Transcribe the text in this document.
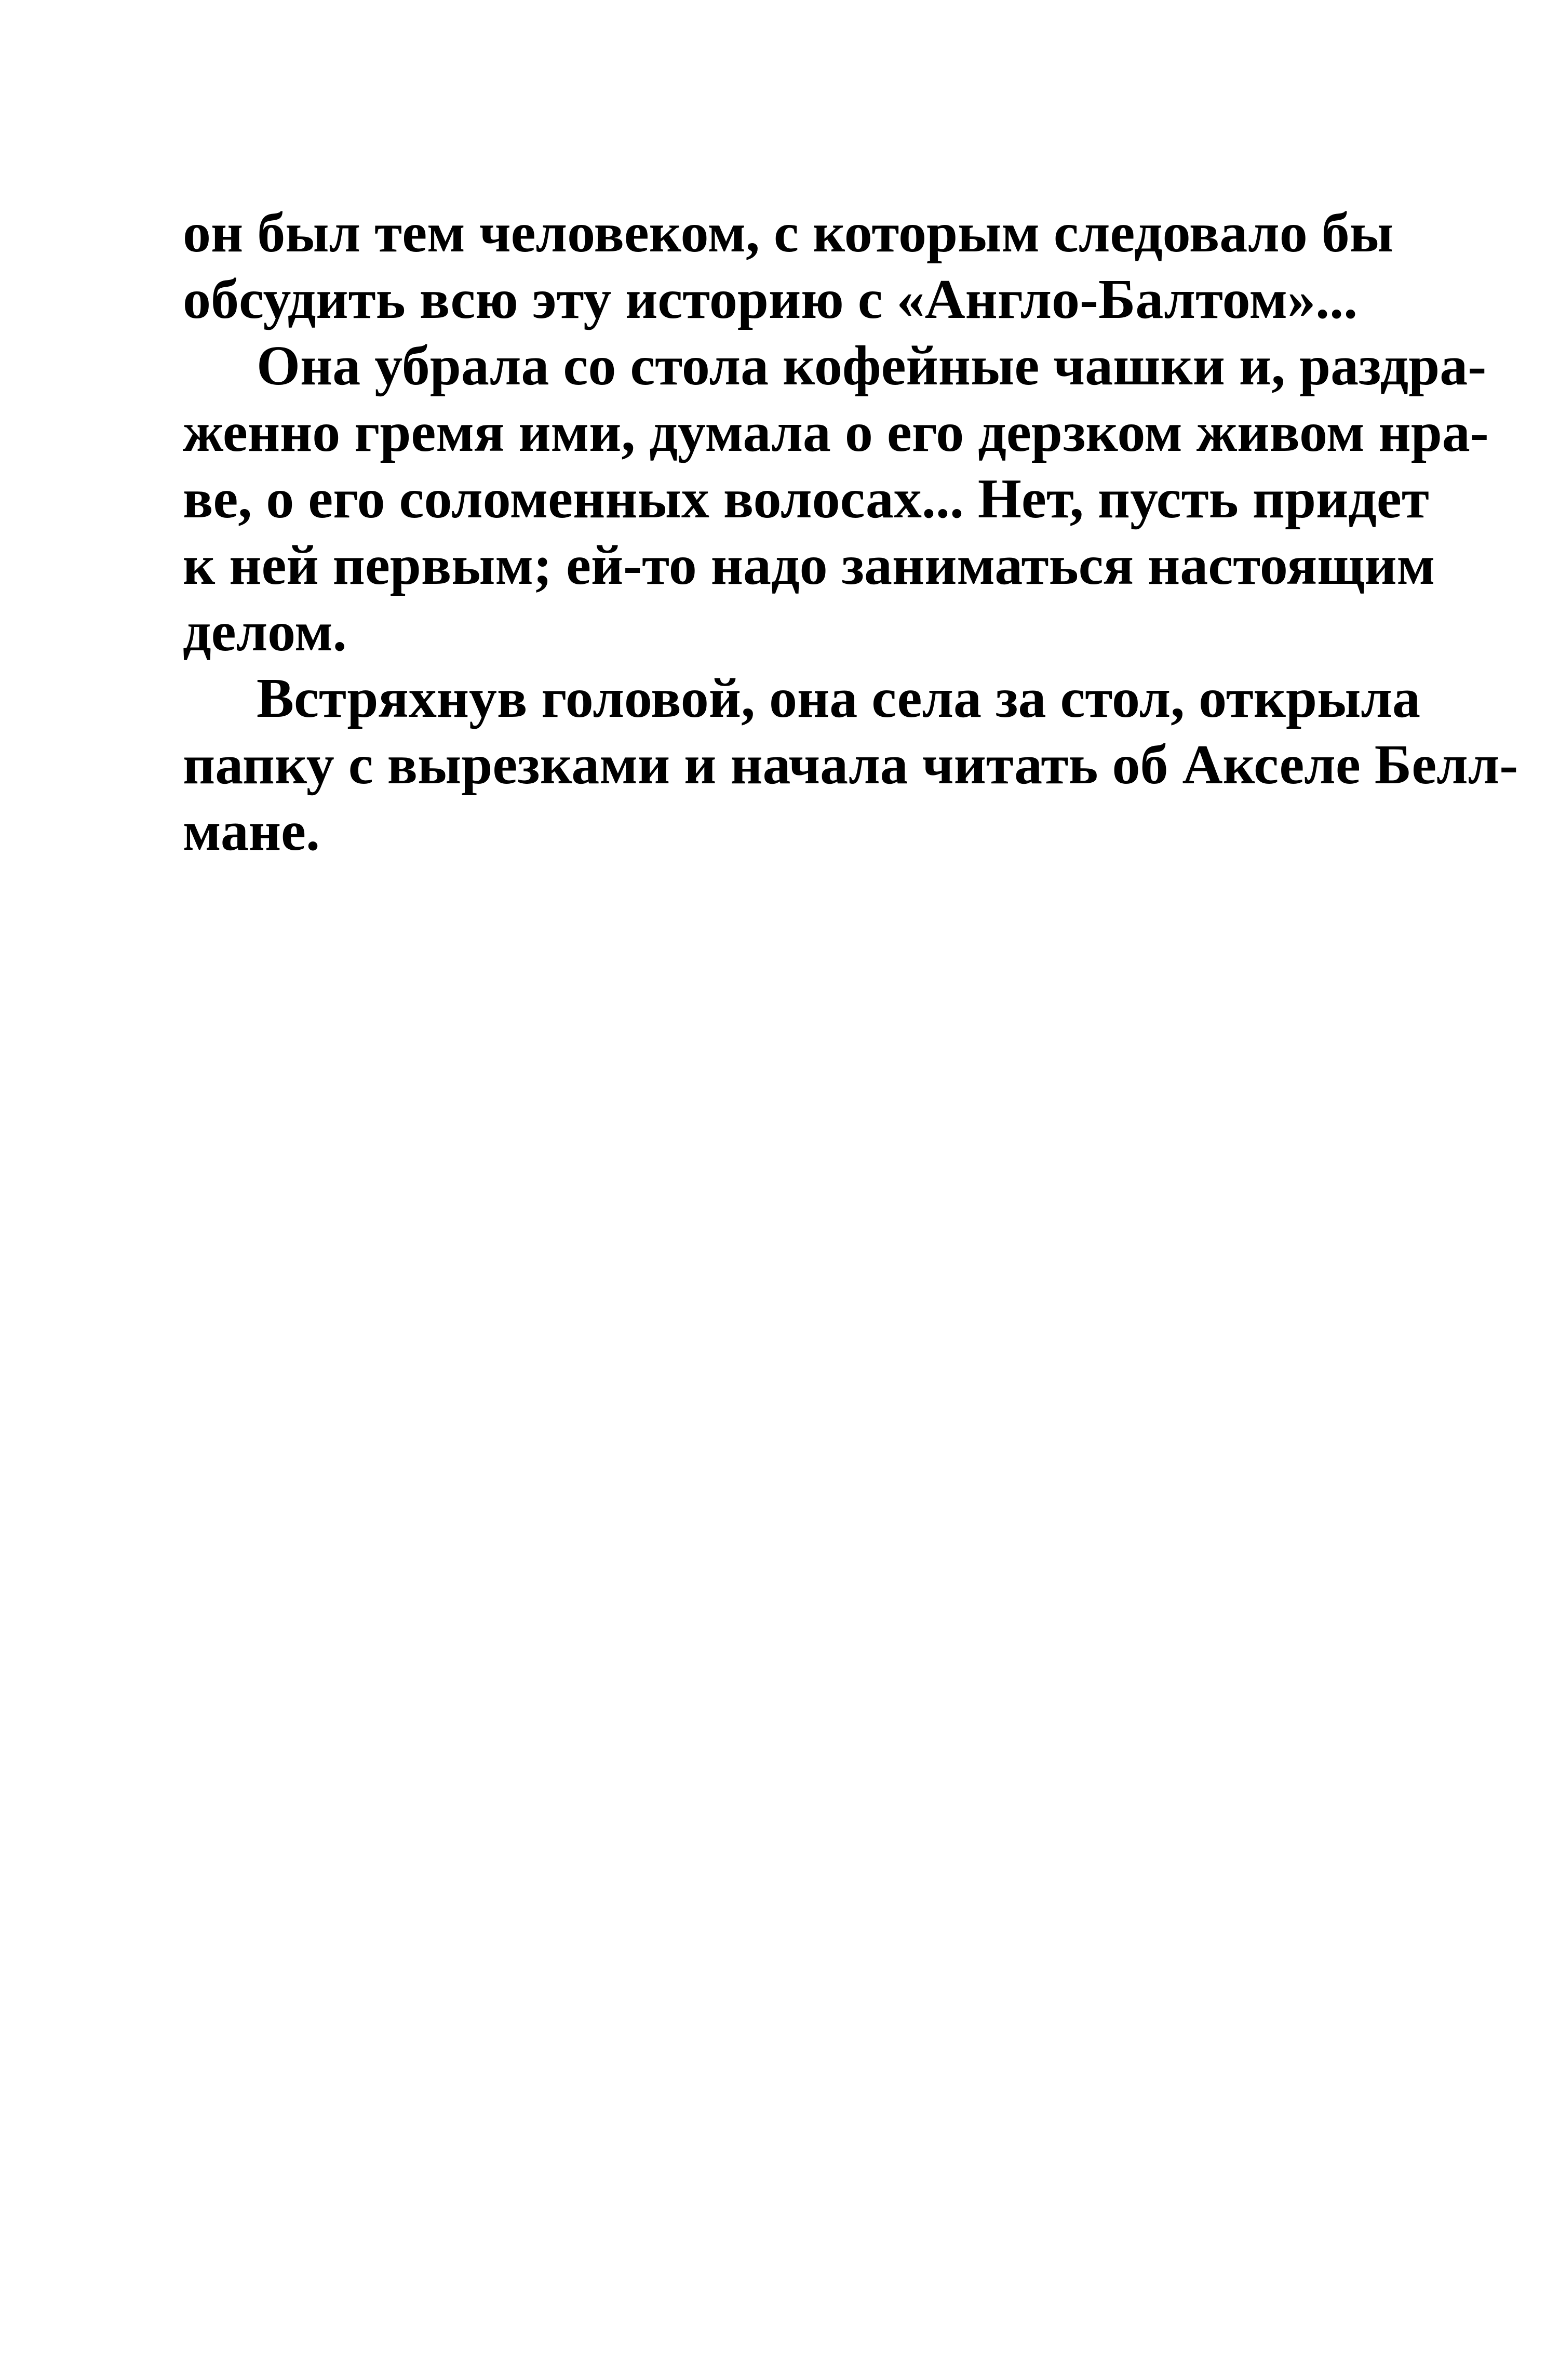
он был тем человеком, с которым следовало бы
обсудить всю эту историю с «Англо-Балтом»...
Она убрала со стола кофейные чашки и, раздра-
женно гремя ими, думала о его дерзком живом нра-
ве, о его соломенных волосах... Нет, пусть придет
к ней первым; ей-то надо заниматься настоящим
делом.
Встряхнув головой, она села за стол, открыла
папку с вырезками и начала читать об Акселе Белл-
мане.
